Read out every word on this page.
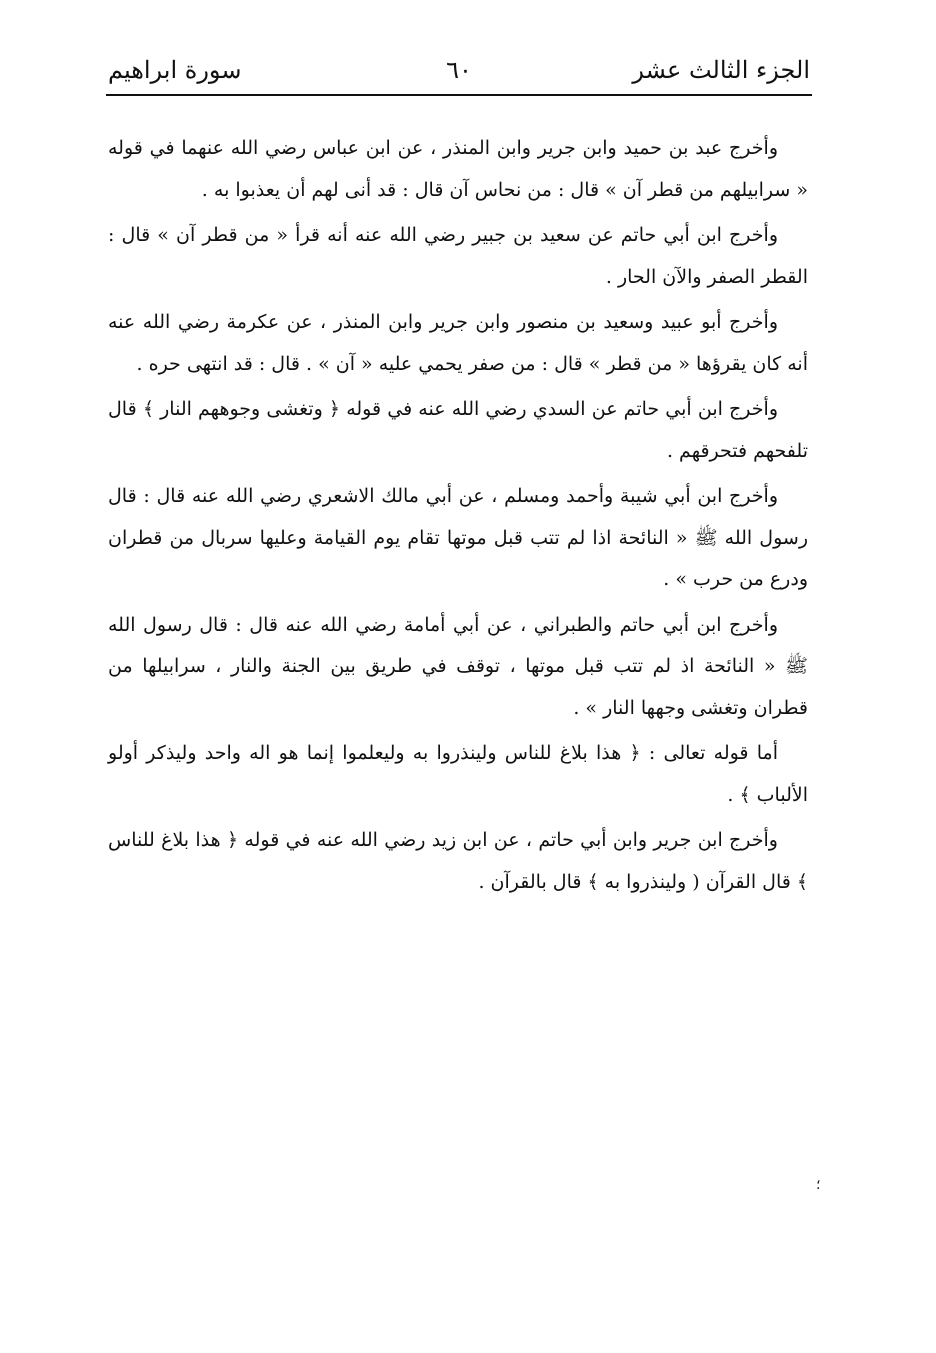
الجزء الثالث عشر
٦٠
سورة ابراهيم

وأخرج عبد بن حميد وابن جرير وابن المنذر ، عن ابن عباس رضي الله عنهما في قوله « سرابيلهم من قطر آن » قال : من نحاس آن قال : قد أنى لهم أن يعذبوا به .

وأخرج ابن أبي حاتم عن سعيد بن جبير رضي الله عنه أنه قرأ « من قطر آن » قال : القطر الصفر والآن الحار .

وأخرج أبو عبيد وسعيد بن منصور وابن جرير وابن المنذر ، عن عكرمة رضي الله عنه أنه كان يقرؤها « من قطر » قال : من صفر يحمي عليه « آن » . قال : قد انتهى حره .

وأخرج ابن أبي حاتم عن السدي رضي الله عنه في قوله ﴿ وتغشى وجوههم النار ﴾ قال تلفحهم فتحرقهم .

وأخرج ابن أبي شيبة وأحمد ومسلم ، عن أبي مالك الاشعري رضي الله عنه قال : قال رسول الله ﷺ « النائحة اذا لم تتب قبل موتها تقام يوم القيامة وعليها سربال من قطران ودرع من حرب » .

وأخرج ابن أبي حاتم والطبراني ، عن أبي أمامة رضي الله عنه قال : قال رسول الله ﷺ « النائحة اذ لم تتب قبل موتها ، توقف في طريق بين الجنة والنار ، سرابيلها من قطران وتغشى وجهها النار » .

أما قوله تعالى : ﴿ هذا بلاغ للناس ولينذروا به وليعلموا إنما هو اله واحد وليذكر أولو الألباب ﴾ .

وأخرج ابن جرير وابن أبي حاتم ، عن ابن زيد رضي الله عنه في قوله ﴿ هذا بلاغ للناس ﴾ قال القرآن ( ولينذروا به ﴾ قال بالقرآن .

؛
